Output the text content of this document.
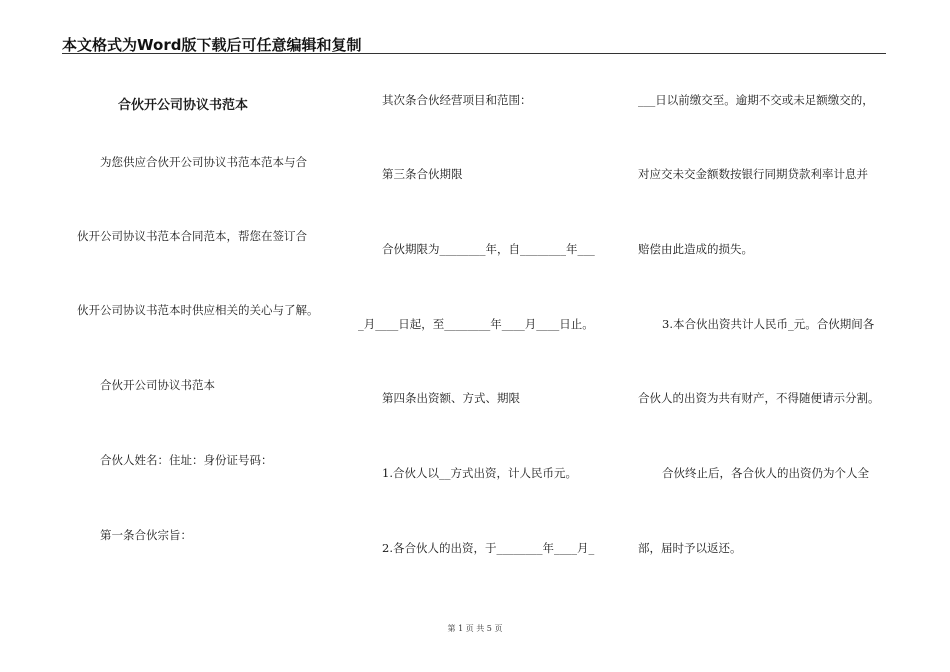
本文格式为Word版下载后可任意编辑和复制
合伙开公司协议书范本
为您供应合伙开公司协议书范本范本与合
伙开公司协议书范本合同范本，帮您在签订合
伙开公司协议书范本时供应相关的关心与了解。
合伙开公司协议书范本
合伙人姓名：住址：身份证号码：
第一条合伙宗旨：
其次条合伙经营项目和范围：
第三条合伙期限
合伙期限为________年，自________年___
_月____日起，至________年____月____日止。
第四条出资额、方式、期限
1.合伙人以__方式出资，计人民币元。
2.各合伙人的出资，于________年____月_
___日以前缴交至。逾期不交或未足额缴交的，
对应交未交金额数按银行同期贷款利率计息并
赔偿由此造成的损失。
3.本合伙出资共计人民币_元。合伙期间各
合伙人的出资为共有财产，不得随便请示分割。
合伙终止后，各合伙人的出资仍为个人全
部，届时予以返还。
第 1 页 共 5 页
